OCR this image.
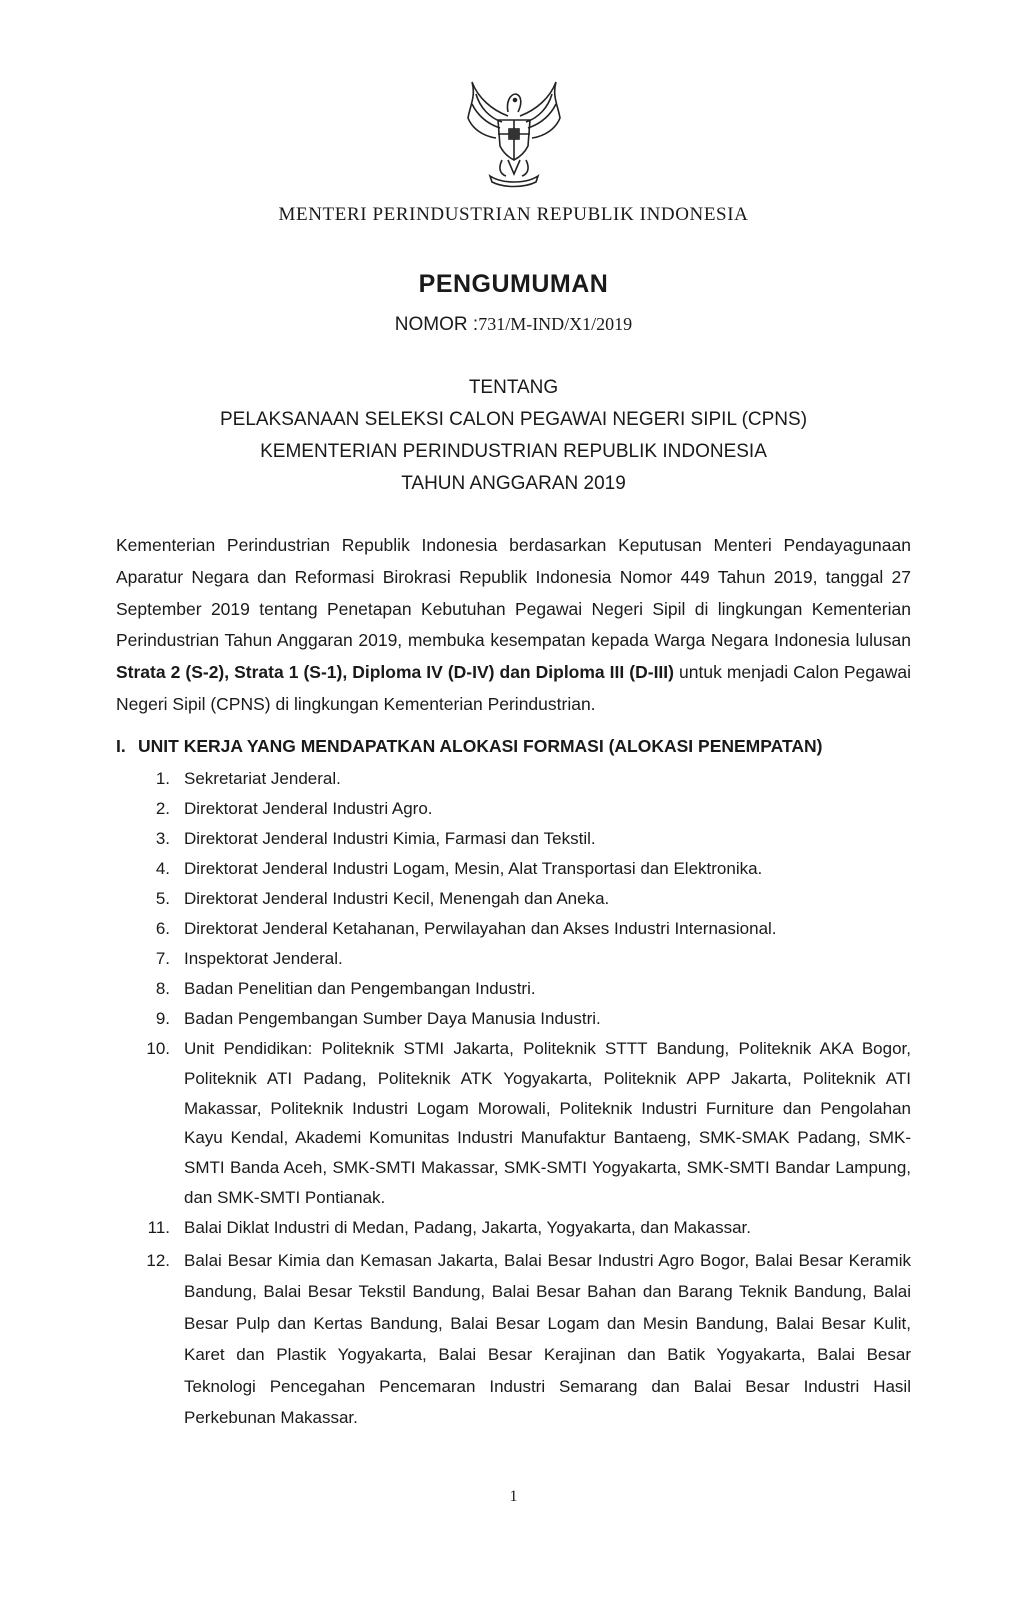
MENTERI PERINDUSTRIAN REPUBLIK INDONESIA
PENGUMUMAN
NOMOR :731/M-IND/X1/2019
TENTANG
PELAKSANAAN SELEKSI CALON PEGAWAI NEGERI SIPIL (CPNS)
KEMENTERIAN PERINDUSTRIAN REPUBLIK INDONESIA
TAHUN ANGGARAN 2019
Kementerian Perindustrian Republik Indonesia berdasarkan Keputusan Menteri Pendayagunaan Aparatur Negara dan Reformasi Birokrasi Republik Indonesia Nomor 449 Tahun 2019, tanggal 27 September 2019 tentang Penetapan Kebutuhan Pegawai Negeri Sipil di lingkungan Kementerian Perindustrian Tahun Anggaran 2019, membuka kesempatan kepada Warga Negara Indonesia lulusan Strata 2 (S-2), Strata 1 (S-1), Diploma IV (D-IV) dan Diploma III (D-III) untuk menjadi Calon Pegawai Negeri Sipil (CPNS) di lingkungan Kementerian Perindustrian.
I. UNIT KERJA YANG MENDAPATKAN ALOKASI FORMASI (ALOKASI PENEMPATAN)
1. Sekretariat Jenderal.
2. Direktorat Jenderal Industri Agro.
3. Direktorat Jenderal Industri Kimia, Farmasi dan Tekstil.
4. Direktorat Jenderal Industri Logam, Mesin, Alat Transportasi dan Elektronika.
5. Direktorat Jenderal Industri Kecil, Menengah dan Aneka.
6. Direktorat Jenderal Ketahanan, Perwilayahan dan Akses Industri Internasional.
7. Inspektorat Jenderal.
8. Badan Penelitian dan Pengembangan Industri.
9. Badan Pengembangan Sumber Daya Manusia Industri.
10. Unit Pendidikan: Politeknik STMI Jakarta, Politeknik STTT Bandung, Politeknik AKA Bogor, Politeknik ATI Padang, Politeknik ATK Yogyakarta, Politeknik APP Jakarta, Politeknik ATI Makassar, Politeknik Industri Logam Morowali, Politeknik Industri Furniture dan Pengolahan Kayu Kendal, Akademi Komunitas Industri Manufaktur Bantaeng, SMK-SMAK Padang, SMK-SMTI Banda Aceh, SMK-SMTI Makassar, SMK-SMTI Yogyakarta, SMK-SMTI Bandar Lampung, dan SMK-SMTI Pontianak.
11. Balai Diklat Industri di Medan, Padang, Jakarta, Yogyakarta, dan Makassar.
12. Balai Besar Kimia dan Kemasan Jakarta, Balai Besar Industri Agro Bogor, Balai Besar Keramik Bandung, Balai Besar Tekstil Bandung, Balai Besar Bahan dan Barang Teknik Bandung, Balai Besar Pulp dan Kertas Bandung, Balai Besar Logam dan Mesin Bandung, Balai Besar Kulit, Karet dan Plastik Yogyakarta, Balai Besar Kerajinan dan Batik Yogyakarta, Balai Besar Teknologi Pencegahan Pencemaran Industri Semarang dan Balai Besar Industri Hasil Perkebunan Makassar.
1
